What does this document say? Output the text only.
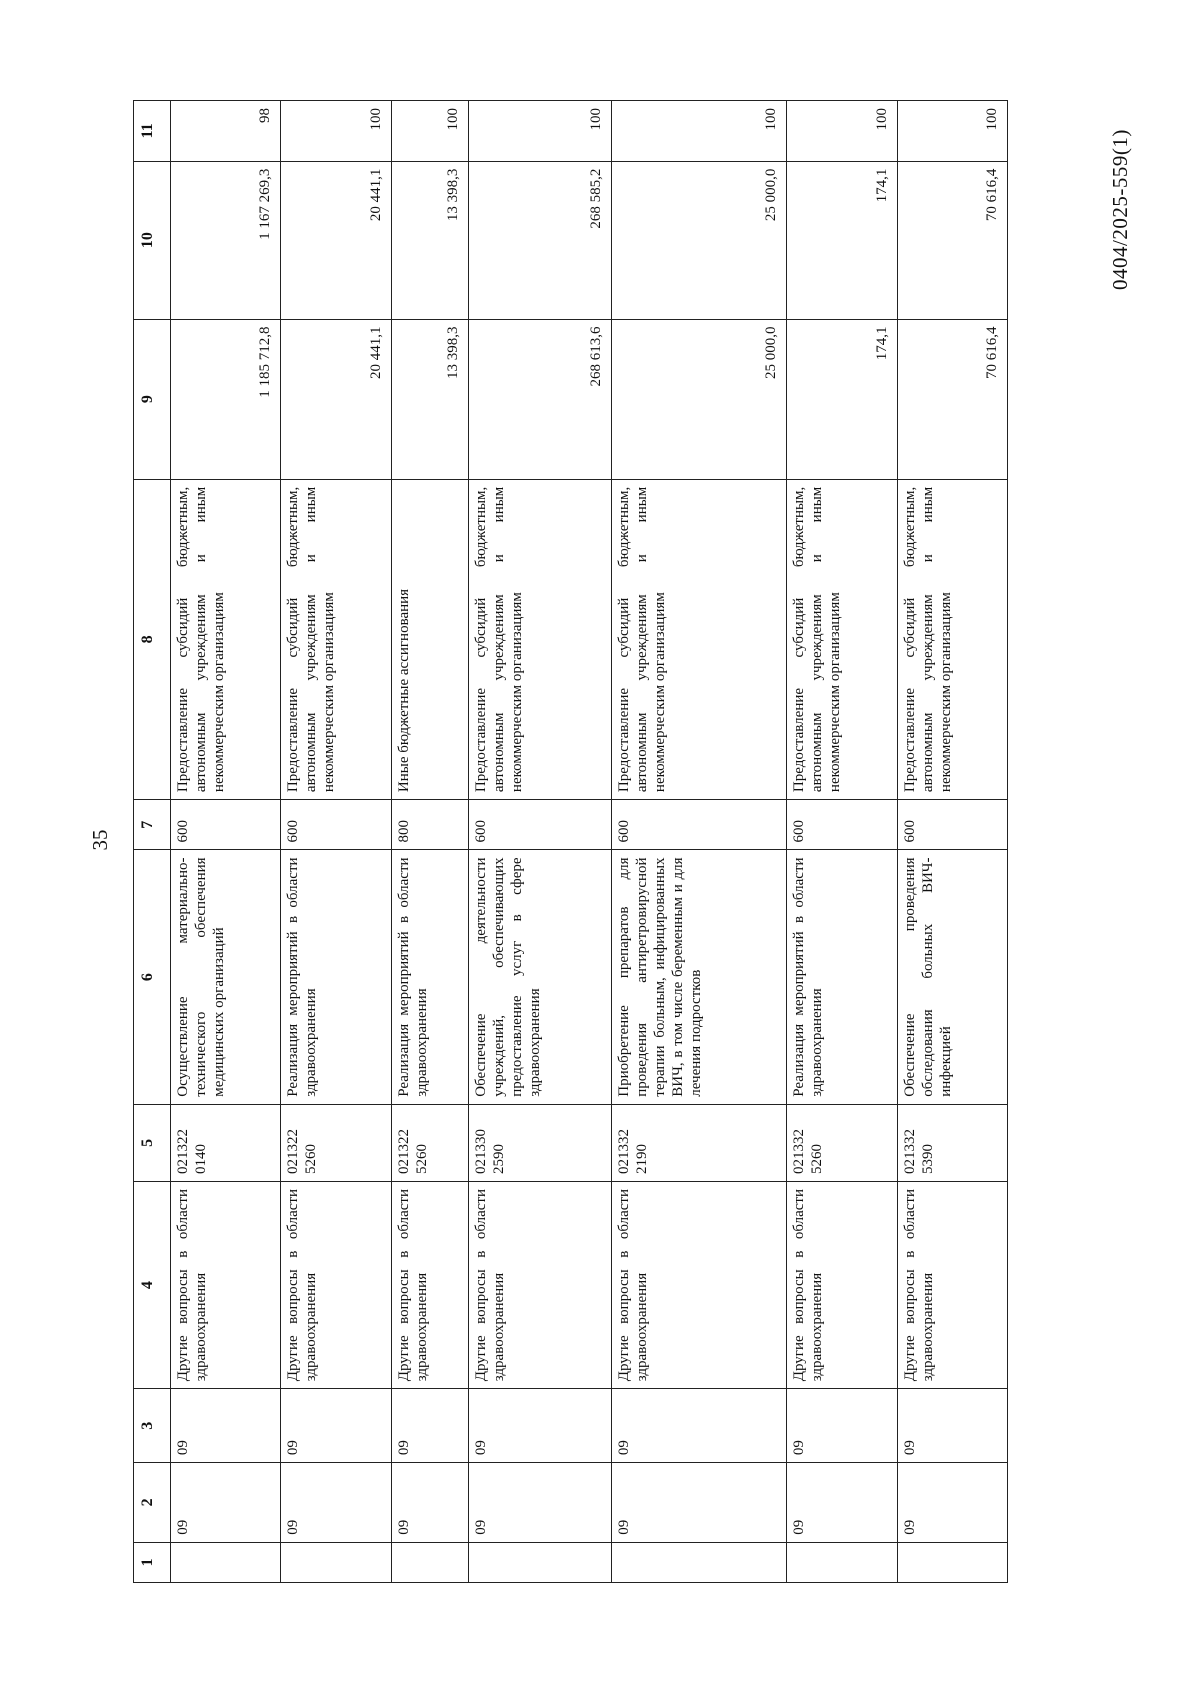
35
0404/2025-559(1)
1	2	3	4	5	6	7	8	9	10	11
	09	09	Другие вопросы в области здравоохранения	021322 0140	Осуществление материально-технического обеспечения медицинских организаций	600	Предоставление субсидий бюджетным, автономным учреждениям и иным некоммерческим организациям	1 185 712,8	1 167 269,3	98
	09	09	Другие вопросы в области здравоохранения	021322 5260	Реализация мероприятий в области здравоохранения	600	Предоставление субсидий бюджетным, автономным учреждениям и иным некоммерческим организациям	20 441,1	20 441,1	100
	09	09	Другие вопросы в области здравоохранения	021322 5260	Реализация мероприятий в области здравоохранения	800	Иные бюджетные ассигнования	13 398,3	13 398,3	100
	09	09	Другие вопросы в области здравоохранения	021330 2590	Обеспечение деятельности учреждений, обеспечивающих предоставление услуг в сфере здравоохранения	600	Предоставление субсидий бюджетным, автономным учреждениям и иным некоммерческим организациям	268 613,6	268 585,2	100
	09	09	Другие вопросы в области здравоохранения	021332 2190	Приобретение препаратов для проведения антиретровирусной терапии больным, инфицированных ВИЧ, в том числе беременным и для лечения подростков	600	Предоставление субсидий бюджетным, автономным учреждениям и иным некоммерческим организациям	25 000,0	25 000,0	100
	09	09	Другие вопросы в области здравоохранения	021332 5260	Реализация мероприятий в области здравоохранения	600	Предоставление субсидий бюджетным, автономным учреждениям и иным некоммерческим организациям	174,1	174,1	100
	09	09	Другие вопросы в области здравоохранения	021332 5390	Обеспечение проведения обследования больных ВИЧ-инфекцией	600	Предоставление субсидий бюджетным, автономным учреждениям и иным некоммерческим организациям	70 616,4	70 616,4	100
